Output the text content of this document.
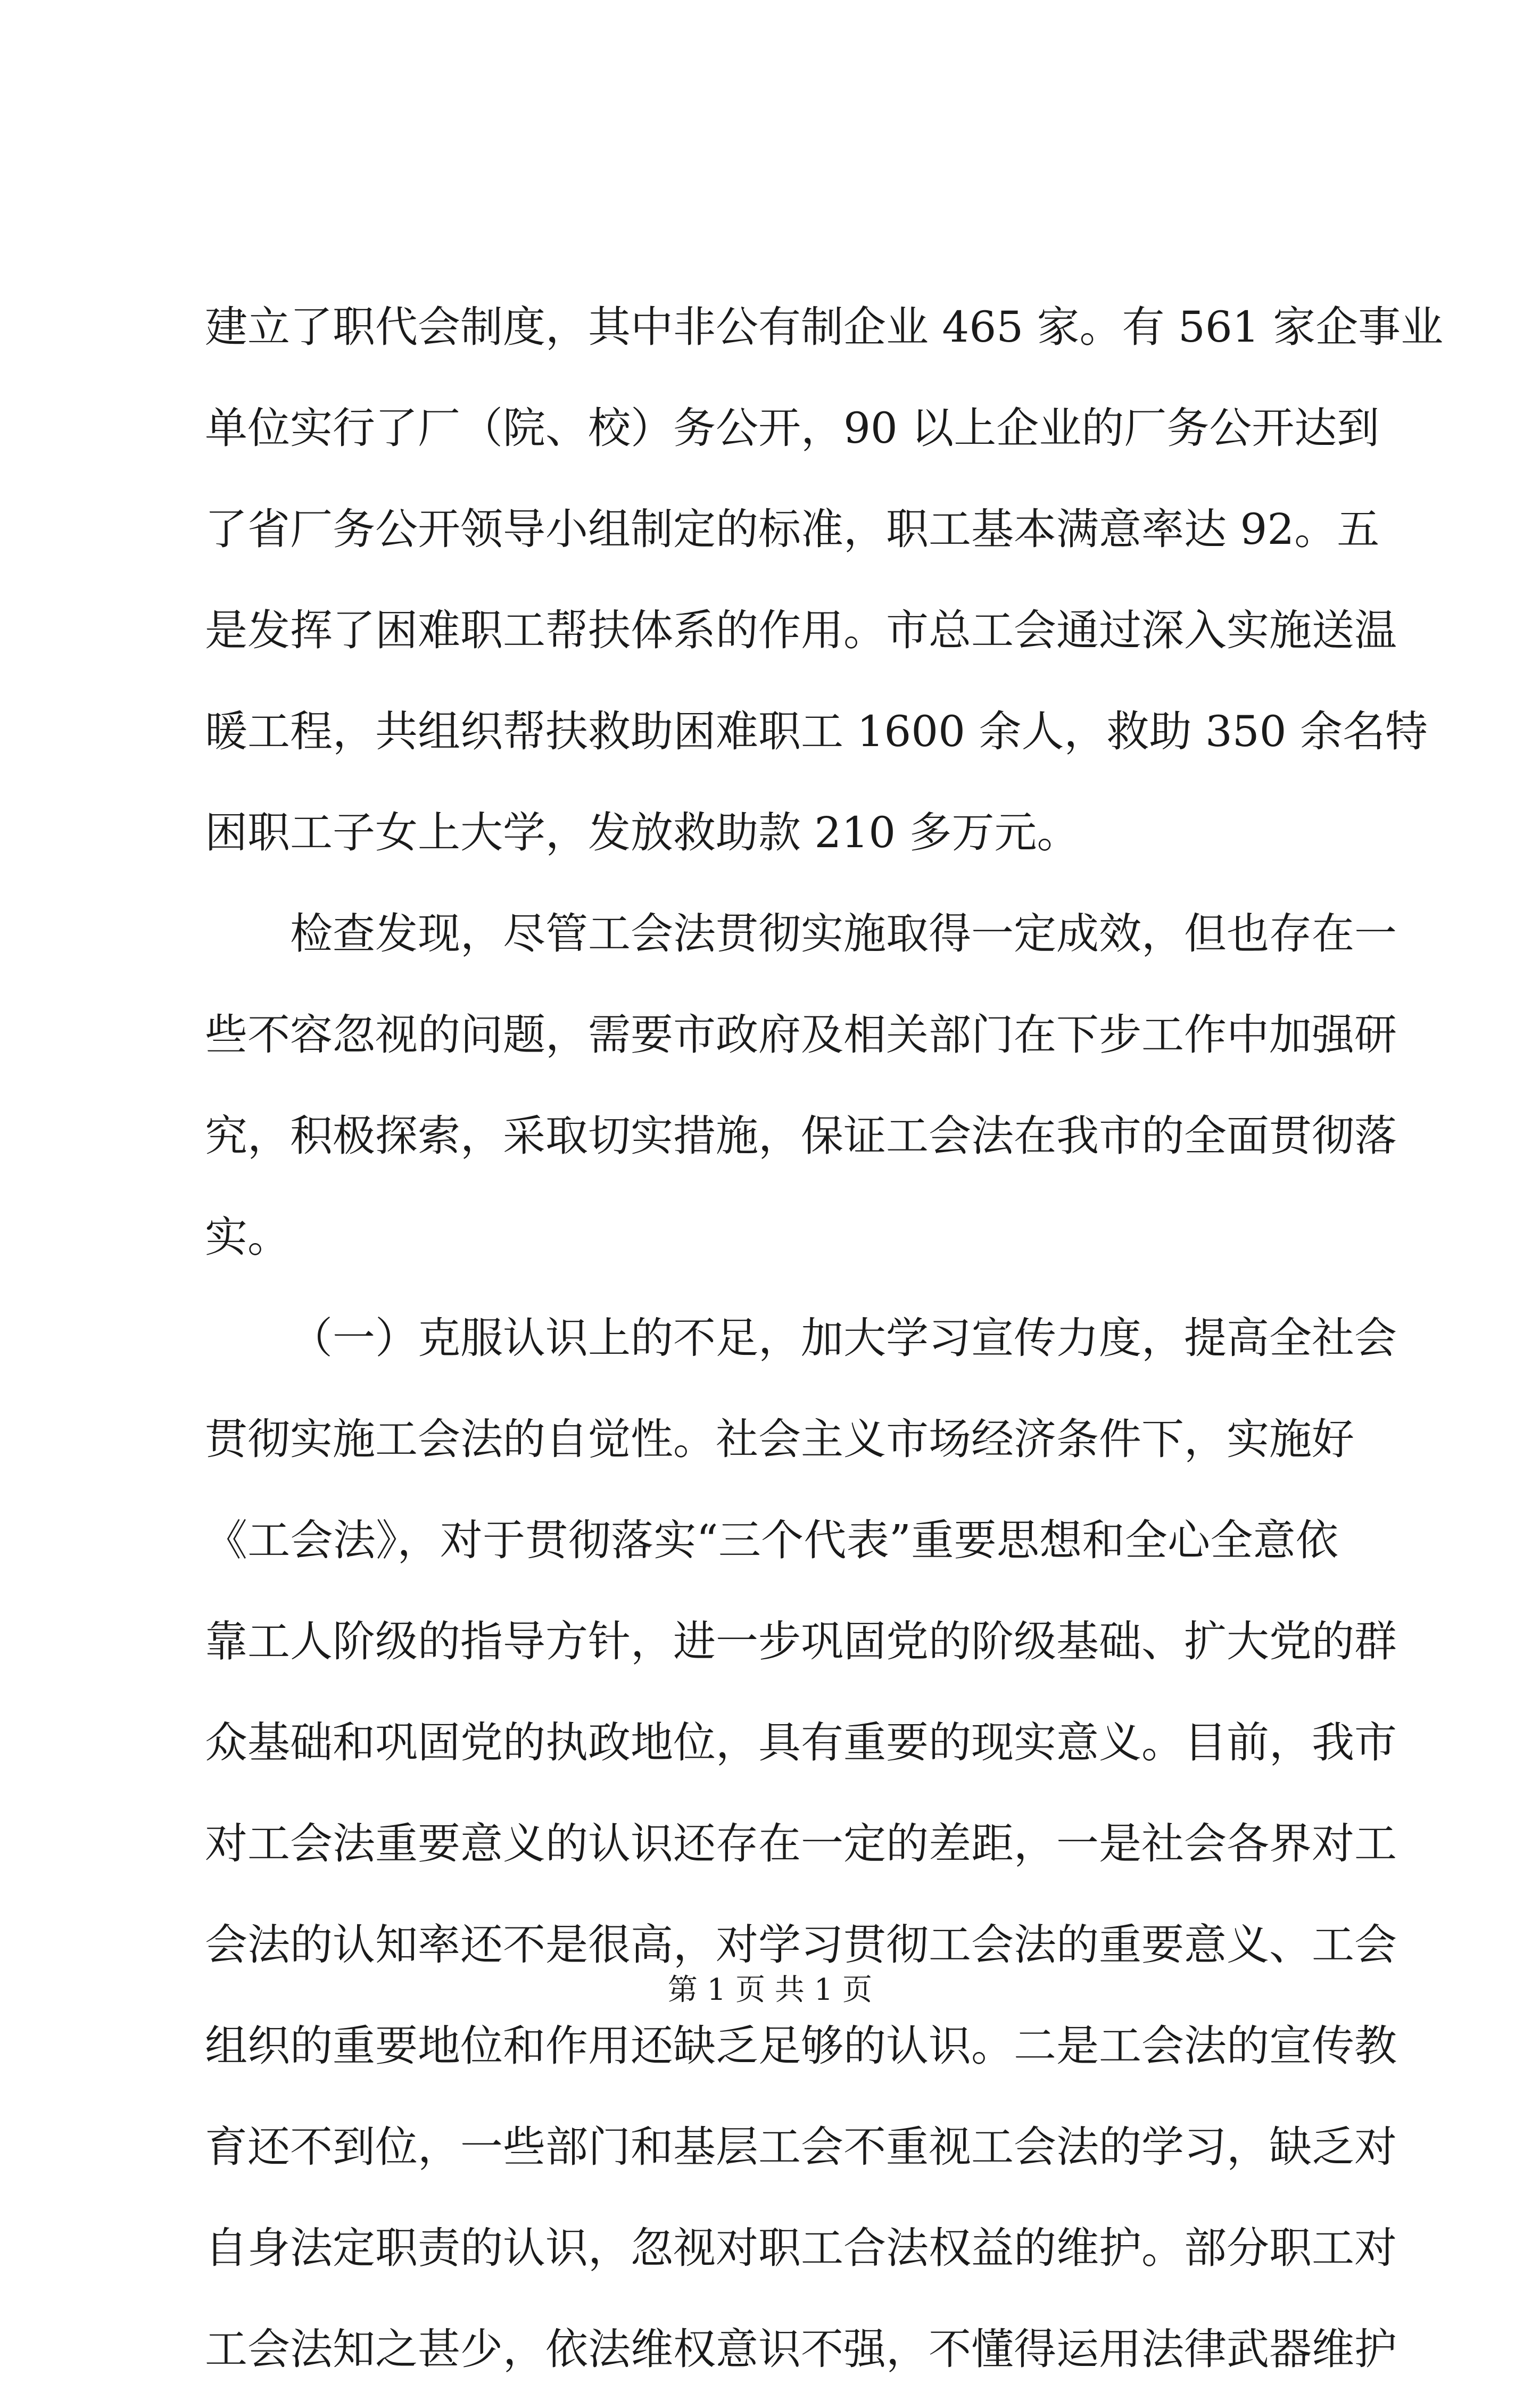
建立了职代会制度，其中非公有制企业 465 家。有 561 家企事业
单位实行了厂（院、校）务公开，90 以上企业的厂务公开达到
了省厂务公开领导小组制定的标准，职工基本满意率达 92。五
是发挥了困难职工帮扶体系的作用。市总工会通过深入实施送温
暖工程，共组织帮扶救助困难职工 1600 余人，救助 350 余名特
困职工子女上大学，发放救助款 210 多万元。
检查发现，尽管工会法贯彻实施取得一定成效，但也存在一
些不容忽视的问题，需要市政府及相关部门在下步工作中加强研
究，积极探索，采取切实措施，保证工会法在我市的全面贯彻落
实。
（一）克服认识上的不足，加大学习宣传力度，提高全社会
贯彻实施工会法的自觉性。社会主义市场经济条件下，实施好
《工会法》，对于贯彻落实“三个代表”重要思想和全心全意依
靠工人阶级的指导方针，进一步巩固党的阶级基础、扩大党的群
众基础和巩固党的执政地位，具有重要的现实意义。目前，我市
对工会法重要意义的认识还存在一定的差距，一是社会各界对工
会法的认知率还不是很高，对学习贯彻工会法的重要意义、工会
组织的重要地位和作用还缺乏足够的认识。二是工会法的宣传教
育还不到位，一些部门和基层工会不重视工会法的学习，缺乏对
自身法定职责的认识，忽视对职工合法权益的维护。部分职工对
工会法知之甚少，依法维权意识不强，不懂得运用法律武器维护
第 1 页 共 1 页
